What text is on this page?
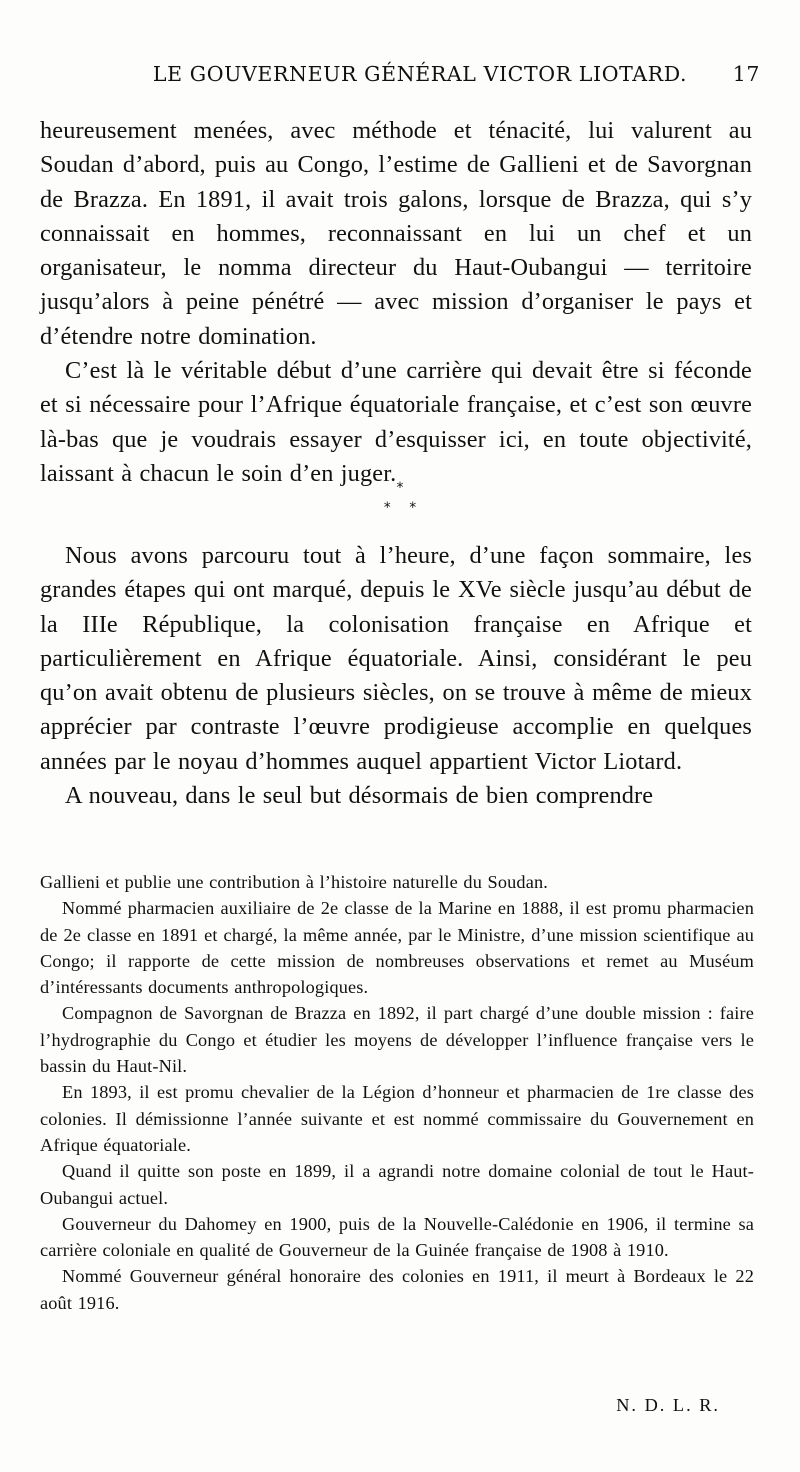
LE GOUVERNEUR GÉNÉRAL VICTOR LIOTARD.	17

heureusement menées, avec méthode et ténacité, lui valurent au Soudan d’abord, puis au Congo, l’estime de Gallieni et de Savorgnan de Brazza. En 1891, il avait trois galons, lorsque de Brazza, qui s’y connaissait en hommes, reconnaissant en lui un chef et un organisateur, le nomma directeur du Haut-Oubangui — territoire jusqu’alors à peine pénétré — avec mission d’organiser le pays et d’étendre notre domination.

C’est là le véritable début d’une carrière qui devait être si féconde et si nécessaire pour l’Afrique équatoriale française, et c’est son œuvre là-bas que je voudrais essayer d’esquisser ici, en toute objectivité, laissant à chacun le soin d’en juger.

*
* *

Nous avons parcouru tout à l’heure, d’une façon sommaire, les grandes étapes qui ont marqué, depuis le XVe siècle jusqu’au début de la IIIe République, la colonisation française en Afrique et particulièrement en Afrique équatoriale. Ainsi, considérant le peu qu’on avait obtenu de plusieurs siècles, on se trouve à même de mieux apprécier par contraste l’œuvre prodigieuse accomplie en quelques années par le noyau d’hommes auquel appartient Victor Liotard.

A nouveau, dans le seul but désormais de bien comprendre

Gallieni et publie une contribution à l’histoire naturelle du Soudan.

Nommé pharmacien auxiliaire de 2e classe de la Marine en 1888, il est promu pharmacien de 2e classe en 1891 et chargé, la même année, par le Ministre, d’une mission scientifique au Congo; il rapporte de cette mission de nombreuses observations et remet au Muséum d’intéressants documents anthropologiques.

Compagnon de Savorgnan de Brazza en 1892, il part chargé d’une double mission : faire l’hydrographie du Congo et étudier les moyens de développer l’influence française vers le bassin du Haut-Nil.

En 1893, il est promu chevalier de la Légion d’honneur et pharmacien de 1re classe des colonies. Il démissionne l’année suivante et est nommé commissaire du Gouvernement en Afrique équatoriale.

Quand il quitte son poste en 1899, il a agrandi notre domaine colonial de tout le Haut-Oubangui actuel.

Gouverneur du Dahomey en 1900, puis de la Nouvelle-Calédonie en 1906, il termine sa carrière coloniale en qualité de Gouverneur de la Guinée française de 1908 à 1910.

Nommé Gouverneur général honoraire des colonies en 1911, il meurt à Bordeaux le 22 août 1916.

N. D. L. R.
